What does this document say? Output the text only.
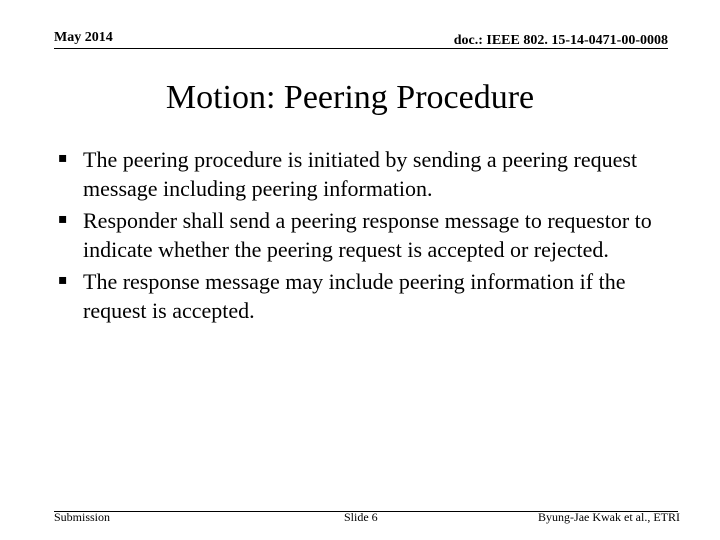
May 2014	doc.: IEEE 802. 15-14-0471-00-0008
Motion: Peering Procedure
▪ The peering procedure is initiated by sending a peering request message including peering information.
▪ Responder shall send a peering response message to requestor to indicate whether the peering request is accepted or rejected.
▪ The response message may include peering information if the request is accepted.
Submission	Slide 6	Byung-Jae Kwak et al., ETRI
